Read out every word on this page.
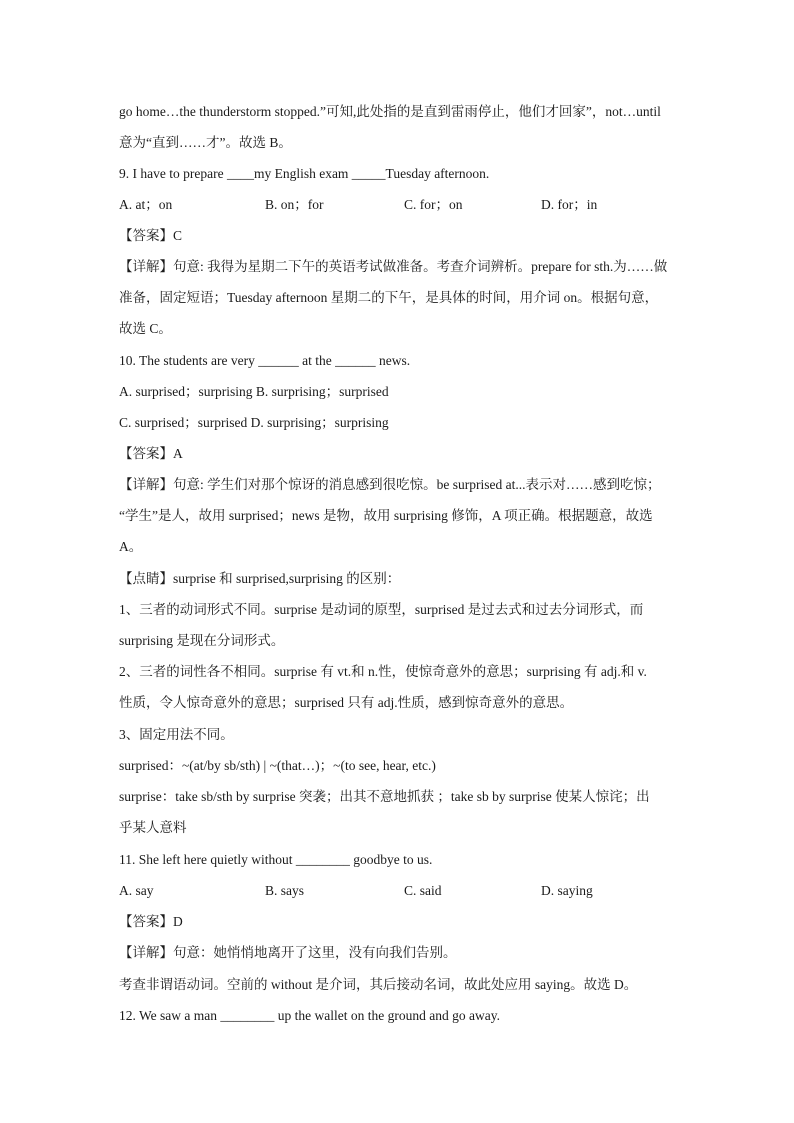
go home…the thunderstorm stopped.”可知,此处指的是直到雷雨停止，他们才回家”，not…until
意为“直到……才”。故选 B。
9. I have to prepare ____my English exam _____Tuesday afternoon.
A. at；on	B. on；for	C. for；on	D. for；in
【答案】C
【详解】句意: 我得为星期二下午的英语考试做准备。考查介词辨析。prepare for sth.为……做
准备，固定短语；Tuesday afternoon 星期二的下午，是具体的时间，用介词 on。根据句意，
故选 C。
10. The students are very ______ at the ______ news.
A. surprised；surprising B. surprising；surprised
C. surprised；surprised D. surprising；surprising
【答案】A
【详解】句意: 学生们对那个惊讶的消息感到很吃惊。be surprised at...表示对……感到吃惊；
“学生”是人，故用 surprised；news 是物，故用 surprising 修饰，A 项正确。根据题意，故选
A。
【点睛】surprise 和 surprised,surprising 的区别：
1、三者的动词形式不同。surprise 是动词的原型，surprised 是过去式和过去分词形式，而
surprising 是现在分词形式。
2、三者的词性各不相同。surprise 有 vt.和 n.性，使惊奇意外的意思；surprising 有 adj.和 v.
性质，令人惊奇意外的意思；surprised 只有 adj.性质，感到惊奇意外的意思。
3、固定用法不同。
surprised：~(at/by sb/sth) | ~(that…)；~(to see, hear, etc.)
surprise：take sb/sth by surprise 突袭；出其不意地抓获 ；take sb by surprise 使某人惊诧；出
乎某人意料
11. She left here quietly without ________ goodbye to us.
A. say	B. says	C. said	D. saying
【答案】D
【详解】句意：她悄悄地离开了这里，没有向我们告别。
考查非谓语动词。空前的 without 是介词，其后接动名词，故此处应用 saying。故选 D。
12. We saw a man ________ up the wallet on the ground and go away.
